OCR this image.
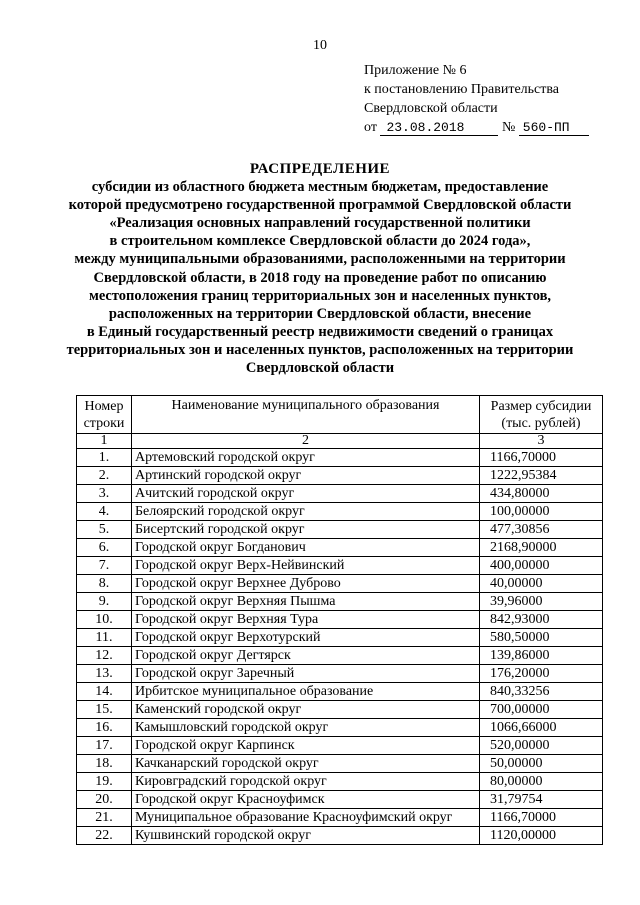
10
Приложение № 6
к постановлению Правительства
Свердловской области
от 23.08.2018	№ 560-ПП
РАСПРЕДЕЛЕНИЕ
субсидии из областного бюджета местным бюджетам, предоставление
которой предусмотрено государственной программой Свердловской области
«Реализация основных направлений государственной политики
в строительном комплексе Свердловской области до 2024 года»,
между муниципальными образованиями, расположенными на территории
Свердловской области, в 2018 году на проведение работ по описанию
местоположения границ территориальных зон и населенных пунктов,
расположенных на территории Свердловской области, внесение
в Единый государственный реестр недвижимости сведений о границах
территориальных зон и населенных пунктов, расположенных на территории
Свердловской области
Номер
строки	Наименование муниципального образования	Размер субсидии
(тыс. рублей)
1	2	3
1.	Артемовский городской округ	1166,70000
2.	Артинский городской округ	1222,95384
3.	Ачитский городской округ	434,80000
4.	Белоярский городской округ	100,00000
5.	Бисертский городской округ	477,30856
6.	Городской округ Богданович	2168,90000
7.	Городской округ Верх-Нейвинский	400,00000
8.	Городской округ Верхнее Дуброво	40,00000
9.	Городской округ Верхняя Пышма	39,96000
10.	Городской округ Верхняя Тура	842,93000
11.	Городской округ Верхотурский	580,50000
12.	Городской округ Дегтярск	139,86000
13.	Городской округ Заречный	176,20000
14.	Ирбитское муниципальное образование	840,33256
15.	Каменский городской округ	700,00000
16.	Камышловский городской округ	1066,66000
17.	Городской округ Карпинск	520,00000
18.	Качканарский городской округ	50,00000
19.	Кировградский городской округ	80,00000
20.	Городской округ Красноуфимск	31,79754
21.	Муниципальное образование Красноуфимский округ	1166,70000
22.	Кушвинский городской округ	1120,00000
